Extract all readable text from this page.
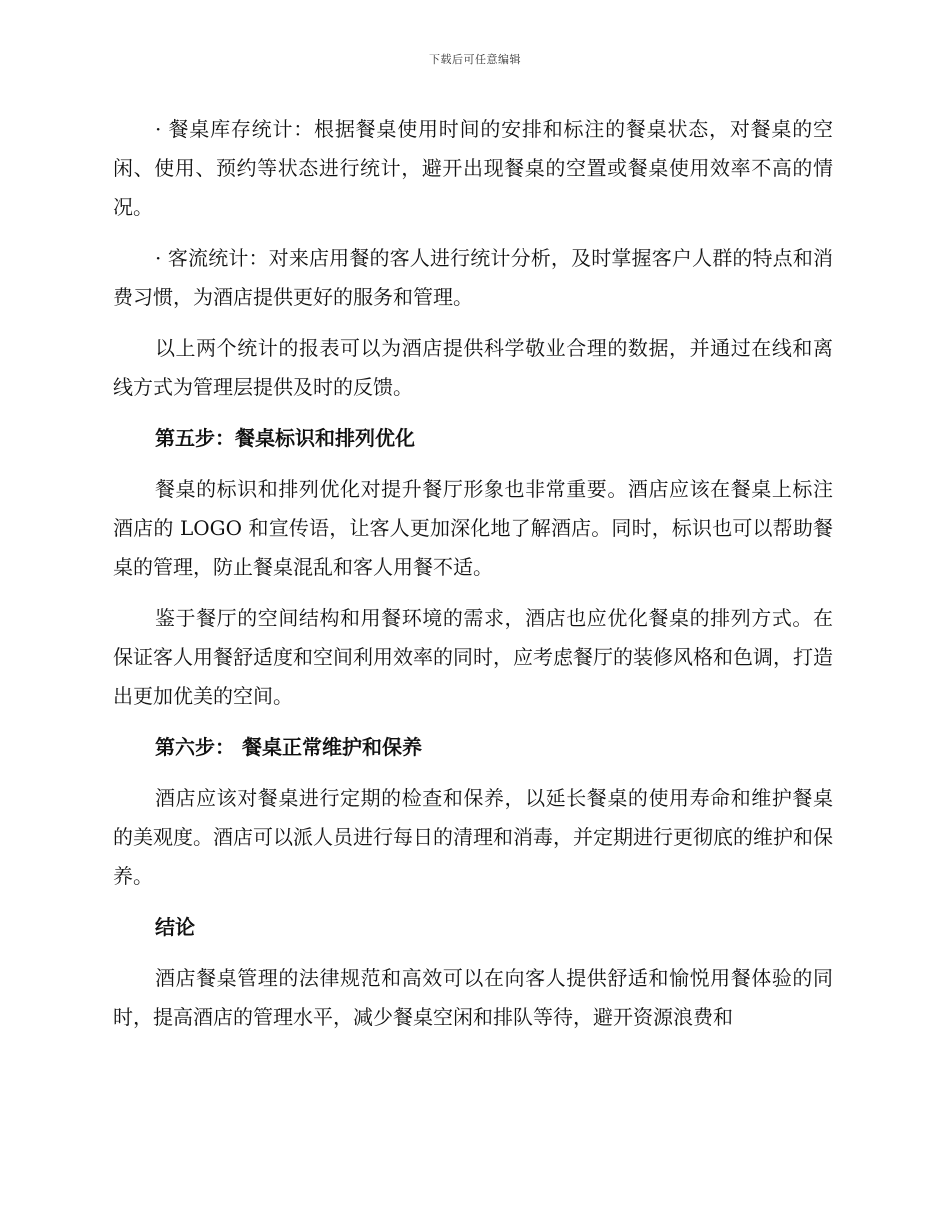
下载后可任意编辑

· 餐桌库存统计：根据餐桌使用时间的安排和标注的餐桌状态，对餐桌的空闲、使用、预约等状态进行统计，避开出现餐桌的空置或餐桌使用效率不高的情况。

· 客流统计：对来店用餐的客人进行统计分析，及时掌握客户人群的特点和消费习惯，为酒店提供更好的服务和管理。

以上两个统计的报表可以为酒店提供科学敬业合理的数据，并通过在线和离线方式为管理层提供及时的反馈。

第五步：餐桌标识和排列优化

餐桌的标识和排列优化对提升餐厅形象也非常重要。酒店应该在餐桌上标注酒店的 LOGO 和宣传语，让客人更加深化地了解酒店。同时，标识也可以帮助餐桌的管理，防止餐桌混乱和客人用餐不适。

鉴于餐厅的空间结构和用餐环境的需求，酒店也应优化餐桌的排列方式。在保证客人用餐舒适度和空间利用效率的同时，应考虑餐厅的装修风格和色调，打造出更加优美的空间。

第六步： 餐桌正常维护和保养

酒店应该对餐桌进行定期的检查和保养，以延长餐桌的使用寿命和维护餐桌的美观度。酒店可以派人员进行每日的清理和消毒，并定期进行更彻底的维护和保养。

结论

酒店餐桌管理的法律规范和高效可以在向客人提供舒适和愉悦用餐体验的同时，提高酒店的管理水平，减少餐桌空闲和排队等待，避开资源浪费和
